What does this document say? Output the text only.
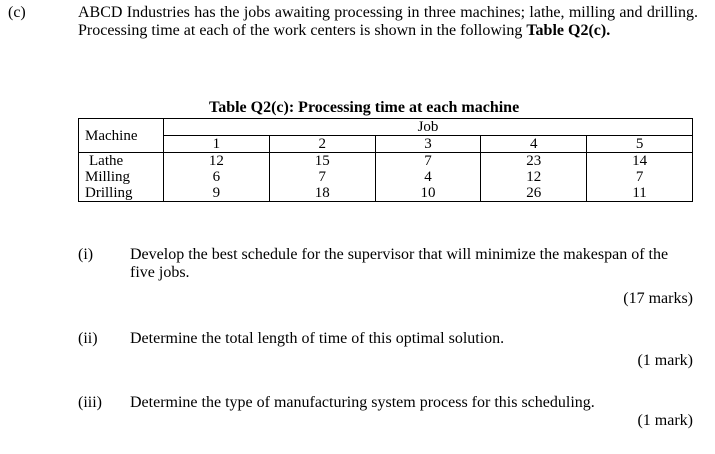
(c)	ABCD Industries has the jobs awaiting processing in three machines; lathe, milling and drilling. Processing time at each of the work centers is shown in the following Table Q2(c).
Table Q2(c): Processing time at each machine
Machine	Job				
	1	2	3	4	5
Lathe	12	15	7	23	14
Milling	6	7	4	12	7
Drilling	9	18	10	26	11
(i) Develop the best schedule for the supervisor that will minimize the makespan of the five jobs.
(17 marks)
(ii) Determine the total length of time of this optimal solution.
(1 mark)
(iii) Determine the type of manufacturing system process for this scheduling.
(1 mark)
